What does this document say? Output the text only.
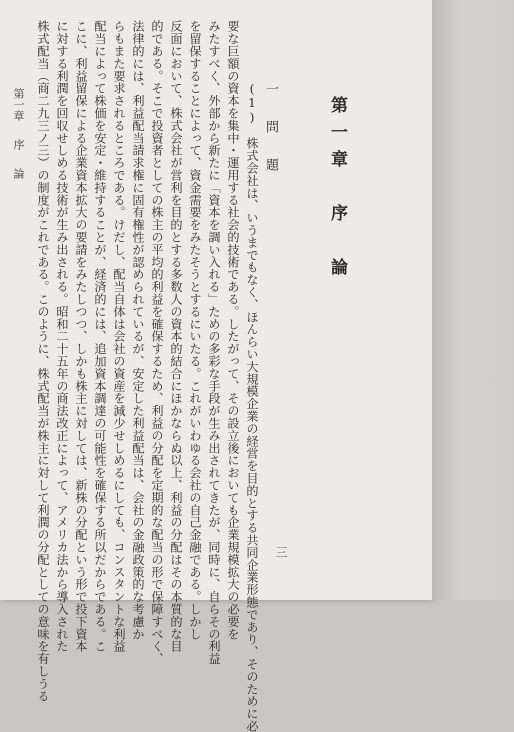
第一章　序　論
一　問　題
(1)　株式会社は、いうまでもなく、ほんらい大規模企業の経営を目的とする共同企業形態であり、そのために必
要な巨額の資本を集中・運用する社会的技術である。したがって、その設立後においても企業規模拡大の必要を
みたすべく、外部から新たに「資本を調い入れる」ための多彩な手段が生み出されてきたが、同時に、自らその利益
を留保することによって、資金需要をみたそうとするにいたる。これがいわゆる会社の自己金融である。しかし
反面において、株式会社が営利を目的とする多数人の資本的結合にほかならぬ以上、利益の分配はその本質的な目
的である。そこで投資者としての株主の平均的利益を確保するため、利益の分配を定期的な配当の形で保障すべく、
法律的には、利益配当請求権に固有権性が認められているが、安定した利益配当は、会社の金融政策的な考慮か
らもまた要求されるところである。けだし、配当自体は会社の資産を減少せしめるにしても、コンスタントな利益
配当によって株価を安定・維持することが、経済的には、追加資本調達の可能性を確保する所以だからである。こ
こに、利益留保による企業資本拡大の要請をみたしつつ、しかも株主に対しては、新株の分配という形で投下資本
に対する利潤を回収せしめる技術が生み出される。昭和二十五年の商法改正によって、アメリカ法から導入された
株式配当（商二九三ノ三）の制度がこれである。このように、株式配当が株主に対して利潤の分配としての意味を有しうる
第一章序論
三
